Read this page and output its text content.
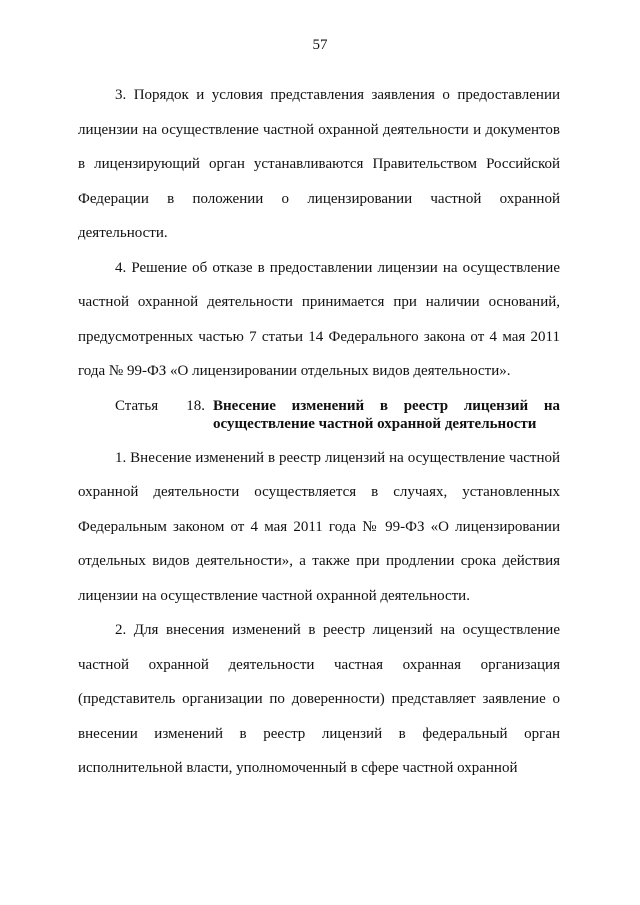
57

3. Порядок и условия представления заявления о предоставлении лицензии на осуществление частной охранной деятельности и документов в лицензирующий орган устанавливаются Правительством Российской Федерации в положении о лицензировании частной охранной деятельности.

4. Решение об отказе в предоставлении лицензии на осуществление частной охранной деятельности принимается при наличии оснований, предусмотренных частью 7 статьи 14 Федерального закона от 4 мая 2011 года № 99-ФЗ «О лицензировании отдельных видов деятельности».

Статья 18. Внесение изменений в реестр лицензий на осуществление частной охранной деятельности

1. Внесение изменений в реестр лицензий на осуществление частной охранной деятельности осуществляется в случаях, установленных Федеральным законом от 4 мая 2011 года № 99-ФЗ «О лицензировании отдельных видов деятельности», а также при продлении срока действия лицензии на осуществление частной охранной деятельности.

2. Для внесения изменений в реестр лицензий на осуществление частной охранной деятельности частная охранная организация (представитель организации по доверенности) представляет заявление о внесении изменений в реестр лицензий в федеральный орган исполнительной власти, уполномоченный в сфере частной охранной
